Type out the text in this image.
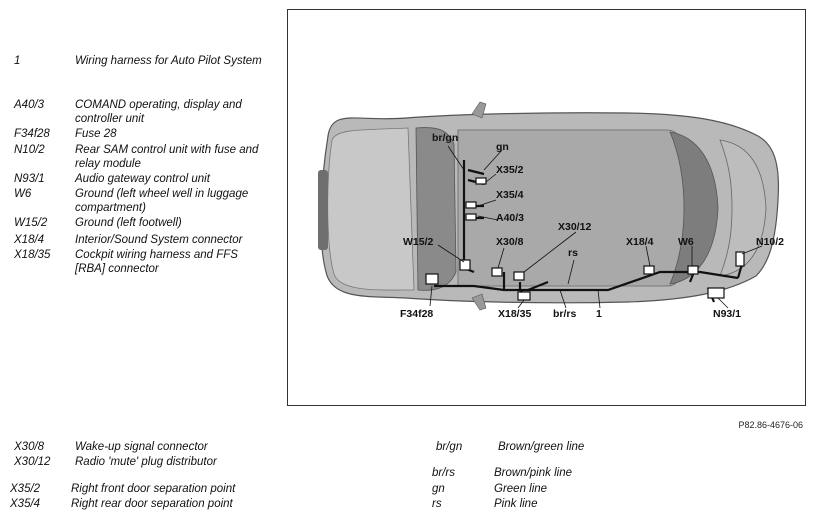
1	Wiring harness for Auto Pilot System
A40/3	COMAND operating, display and controller unit
F34f28 Fuse 28
N10/2	Rear SAM control unit with fuse and relay module
N93/1	Audio gateway control unit
W6	Ground (left wheel well in luggage compartment)
W15/2 Ground (left footwell)
X18/4	Interior/Sound System connector
X18/35 Cockpit wiring harness and FFS [RBA] connector
br/gn
gn
X35/2
X35/4
A40/3
X30/12
W15/2	X30/8
rs
X18/4 W6	N10/2
F34f28	X18/35 br/rs 1	N93/1
P82.86-4676-06
X30/8	Wake-up signal connector
X30/12 Radio 'mute' plug distributor
X35/2	Right front door separation point
X35/4	Right rear door separation point
br/gn	Brown/green line
br/rs	Brown/pink line
gn	Green line
rs	Pink line
